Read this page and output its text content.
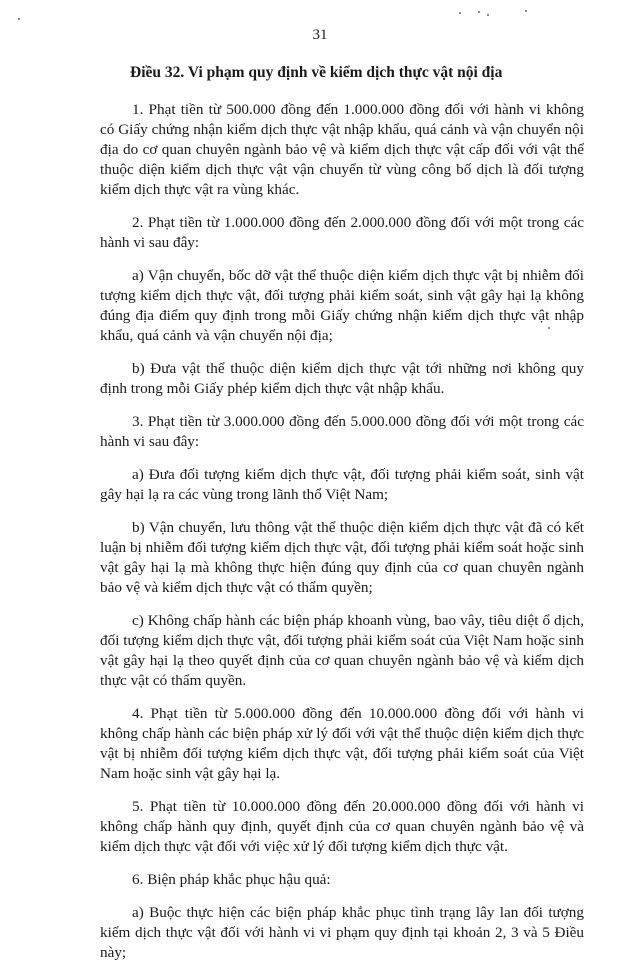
31
Điều 32. Vi phạm quy định về kiểm dịch thực vật nội địa

1. Phạt tiền từ 500.000 đồng đến 1.000.000 đồng đối với hành vi không có Giấy chứng nhận kiểm dịch thực vật nhập khẩu, quá cảnh và vận chuyển nội địa do cơ quan chuyên ngành bảo vệ và kiểm dịch thực vật cấp đối với vật thể thuộc diện kiểm dịch thực vật vận chuyển từ vùng công bố dịch là đối tượng kiểm dịch thực vật ra vùng khác.

2. Phạt tiền từ 1.000.000 đồng đến 2.000.000 đồng đối với một trong các hành vi sau đây:

a) Vận chuyển, bốc dỡ vật thể thuộc diện kiểm dịch thực vật bị nhiễm đối tượng kiểm dịch thực vật, đối tượng phải kiểm soát, sinh vật gây hại lạ không đúng địa điểm quy định trong mỗi Giấy chứng nhận kiểm dịch thực vật nhập khẩu, quá cảnh và vận chuyển nội địa;

b) Đưa vật thể thuộc diện kiểm dịch thực vật tới những nơi không quy định trong mỗi Giấy phép kiểm dịch thực vật nhập khẩu.

3. Phạt tiền từ 3.000.000 đồng đến 5.000.000 đồng đối với một trong các hành vi sau đây:

a) Đưa đối tượng kiểm dịch thực vật, đối tượng phải kiểm soát, sinh vật gây hại lạ ra các vùng trong lãnh thổ Việt Nam;

b) Vận chuyển, lưu thông vật thể thuộc diện kiểm dịch thực vật đã có kết luận bị nhiễm đối tượng kiểm dịch thực vật, đối tượng phải kiểm soát hoặc sinh vật gây hại lạ mà không thực hiện đúng quy định của cơ quan chuyên ngành bảo vệ và kiểm dịch thực vật có thẩm quyền;

c) Không chấp hành các biện pháp khoanh vùng, bao vây, tiêu diệt ổ dịch, đối tượng kiểm dịch thực vật, đối tượng phải kiểm soát của Việt Nam hoặc sinh vật gây hại lạ theo quyết định của cơ quan chuyên ngành bảo vệ và kiểm dịch thực vật có thẩm quyền.

4. Phạt tiền từ 5.000.000 đồng đến 10.000.000 đồng đối với hành vi không chấp hành các biện pháp xử lý đối với vật thể thuộc diện kiểm dịch thực vật bị nhiễm đối tượng kiểm dịch thực vật, đối tượng phải kiểm soát của Việt Nam hoặc sinh vật gây hại lạ.

5. Phạt tiền từ 10.000.000 đồng đến 20.000.000 đồng đối với hành vi không chấp hành quy định, quyết định của cơ quan chuyên ngành bảo vệ và kiểm dịch thực vật đối với việc xử lý đối tượng kiểm dịch thực vật.

6. Biện pháp khắc phục hậu quả:

a) Buộc thực hiện các biện pháp khắc phục tình trạng lây lan đối tượng kiểm dịch thực vật đối với hành vi vi phạm quy định tại khoản 2, 3 và 5 Điều này;
